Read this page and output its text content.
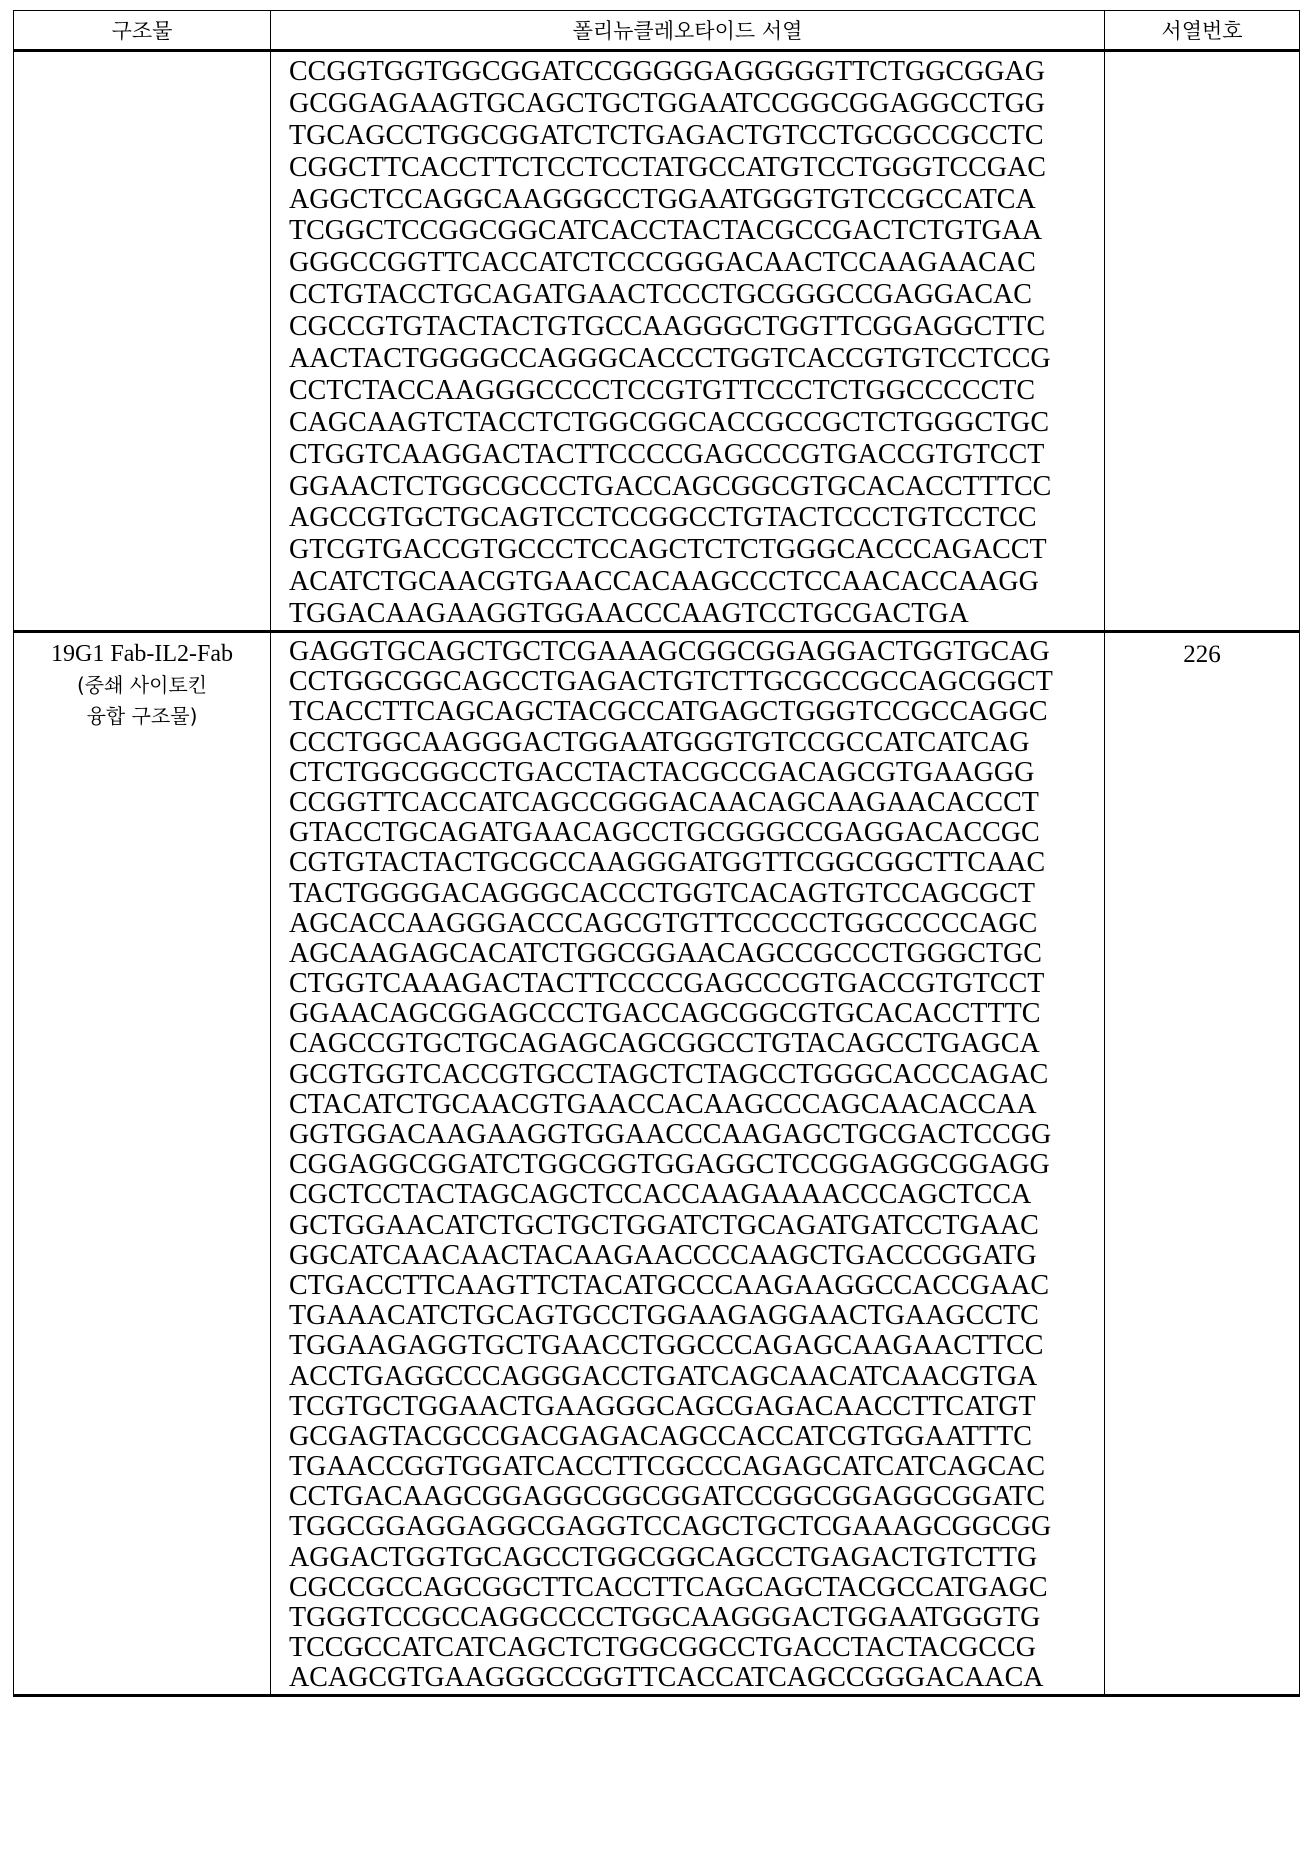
구조물	폴리뉴클레오타이드 서열	서열번호

CCGGTGGTGGCGGATCCGGGGGAGGGGGTTCTGGCGGAG
GCGGAGAAGTGCAGCTGCTGGAATCCGGCGGAGGCCTGG
TGCAGCCTGGCGGATCTCTGAGACTGTCCTGCGCCGCCTC
CGGCTTCACCTTCTCCTCCTATGCCATGTCCTGGGTCCGAC
AGGCTCCAGGCAAGGGCCTGGAATGGGTGTCCGCCATCA
TCGGCTCCGGCGGCATCACCTACTACGCCGACTCTGTGAA
GGGCCGGTTCACCATCTCCCGGGACAACTCCAAGAACAC
CCTGTACCTGCAGATGAACTCCCTGCGGGCCGAGGACAC
CGCCGTGTACTACTGTGCCAAGGGCTGGTTCGGAGGCTTC
AACTACTGGGGCCAGGGCACCCTGGTCACCGTGTCCTCCG
CCTCTACCAAGGGCCCCTCCGTGTTCCCTCTGGCCCCCTC
CAGCAAGTCTACCTCTGGCGGCACCGCCGCTCTGGGCTGC
CTGGTCAAGGACTACTTCCCCGAGCCCGTGACCGTGTCCT
GGAACTCTGGCGCCCTGACCAGCGGCGTGCACACCTTTCC
AGCCGTGCTGCAGTCCTCCGGCCTGTACTCCCTGTCCTCC
GTCGTGACCGTGCCCTCCAGCTCTCTGGGCACCCAGACCT
ACATCTGCAACGTGAACCACAAGCCCTCCAACACCAAGG
TGGACAAGAAGGTGGAACCCAAGTCCTGCGACTGA

19G1 Fab-IL2-Fab
(중쇄 사이토킨
융합 구조물)

GAGGTGCAGCTGCTCGAAAGCGGCGGAGGACTGGTGCAG
CCTGGCGGCAGCCTGAGACTGTCTTGCGCCGCCAGCGGCT
TCACCTTCAGCAGCTACGCCATGAGCTGGGTCCGCCAGGC
CCCTGGCAAGGGACTGGAATGGGTGTCCGCCATCATCAG
CTCTGGCGGCCTGACCTACTACGCCGACAGCGTGAAGGG
CCGGTTCACCATCAGCCGGGACAACAGCAAGAACACCCT
GTACCTGCAGATGAACAGCCTGCGGGCCGAGGACACCGC
CGTGTACTACTGCGCCAAGGGATGGTTCGGCGGCTTCAAC
TACTGGGGACAGGGCACCCTGGTCACAGTGTCCAGCGCT
AGCACCAAGGGACCCAGCGTGTTCCCCCTGGCCCCCAGC
AGCAAGAGCACATCTGGCGGAACAGCCGCCCTGGGCTGC
CTGGTCAAAGACTACTTCCCCGAGCCCGTGACCGTGTCCT
GGAACAGCGGAGCCCTGACCAGCGGCGTGCACACCTTTC
CAGCCGTGCTGCAGAGCAGCGGCCTGTACAGCCTGAGCA
GCGTGGTCACCGTGCCTAGCTCTAGCCTGGGCACCCAGAC
CTACATCTGCAACGTGAACCACAAGCCCAGCAACACCAA
GGTGGACAAGAAGGTGGAACCCAAGAGCTGCGACTCCGG
CGGAGGCGGATCTGGCGGTGGAGGCTCCGGAGGCGGAGG
CGCTCCTACTAGCAGCTCCACCAAGAAAACCCAGCTCCA
GCTGGAACATCTGCTGCTGGATCTGCAGATGATCCTGAAC
GGCATCAACAACTACAAGAACCCCAAGCTGACCCGGATG
CTGACCTTCAAGTTCTACATGCCCAAGAAGGCCACCGAAC
TGAAACATCTGCAGTGCCTGGAAGAGGAACTGAAGCCTC
TGGAAGAGGTGCTGAACCTGGCCCAGAGCAAGAACTTCC
ACCTGAGGCCCAGGGACCTGATCAGCAACATCAACGTGA
TCGTGCTGGAACTGAAGGGCAGCGAGACAACCTTCATGT
GCGAGTACGCCGACGAGACAGCCACCATCGTGGAATTTC
TGAACCGGTGGATCACCTTCGCCCAGAGCATCATCAGCAC
CCTGACAAGCGGAGGCGGCGGATCCGGCGGAGGCGGATC
TGGCGGAGGAGGCGAGGTCCAGCTGCTCGAAAGCGGCGG
AGGACTGGTGCAGCCTGGCGGCAGCCTGAGACTGTCTTG
CGCCGCCAGCGGCTTCACCTTCAGCAGCTACGCCATGAGC
TGGGTCCGCCAGGCCCCTGGCAAGGGACTGGAATGGGTG
TCCGCCATCATCAGCTCTGGCGGCCTGACCTACTACGCCG
ACAGCGTGAAGGGCCGGTTCACCATCAGCCGGGACAACA
	226
